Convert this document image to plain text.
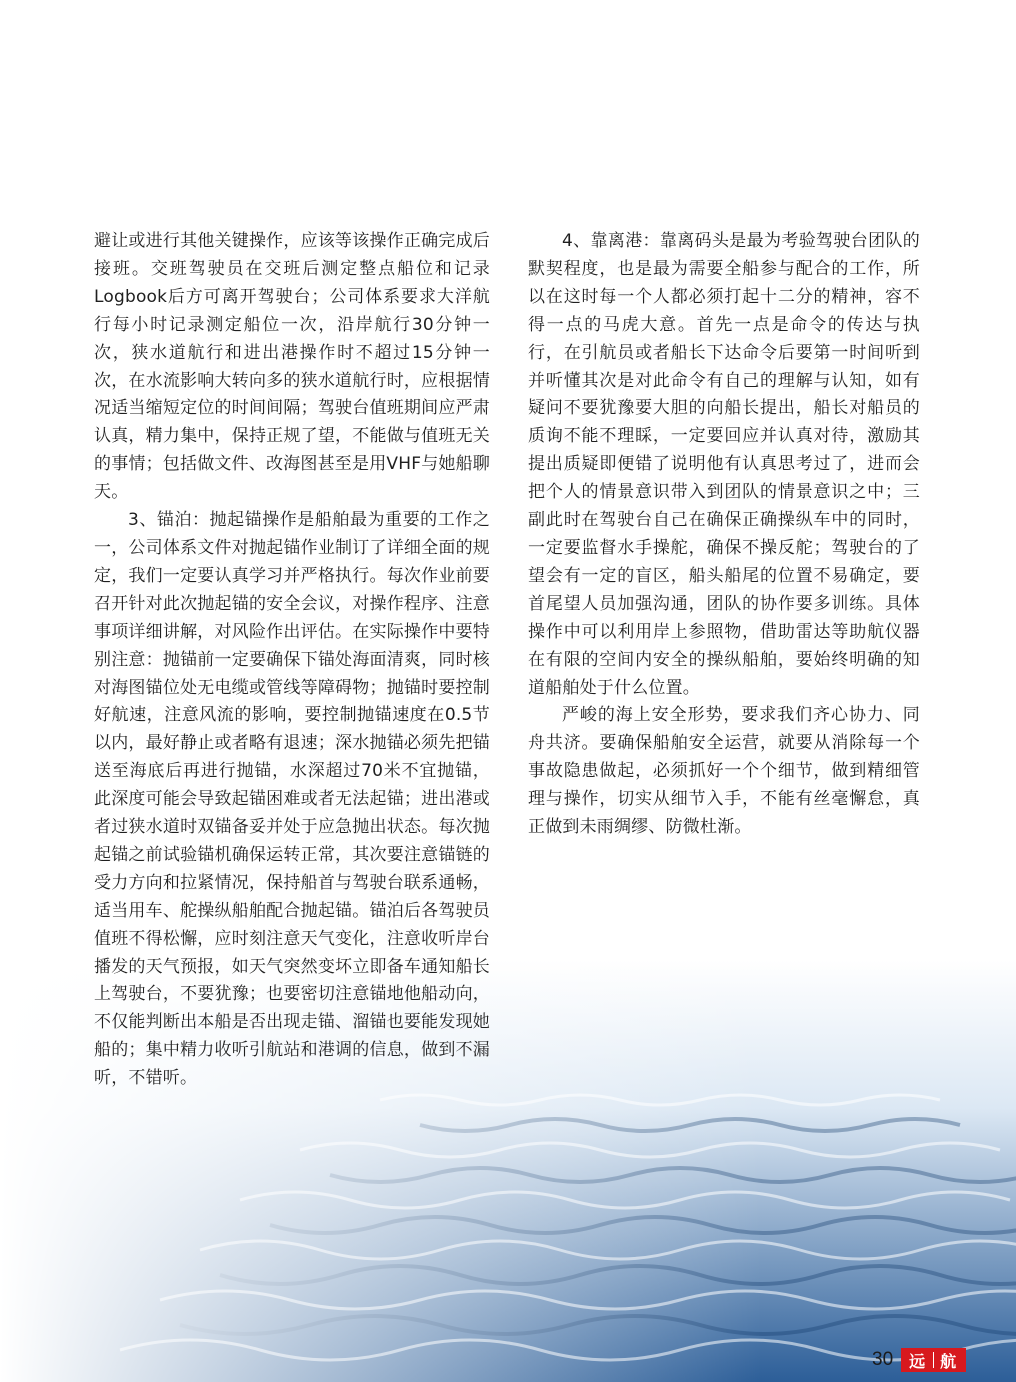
避让或进行其他关键操作，应该等该操作正确完成后接班。交班驾驶员在交班后测定整点船位和记录Logbook后方可离开驾驶台；公司体系要求大洋航行每小时记录测定船位一次，沿岸航行30分钟一次，狭水道航行和进出港操作时不超过15分钟一次，在水流影响大转向多的狭水道航行时，应根据情况适当缩短定位的时间间隔；驾驶台值班期间应严肃认真，精力集中，保持正规了望，不能做与值班无关的事情；包括做文件、改海图甚至是用VHF与她船聊天。

3、锚泊：抛起锚操作是船舶最为重要的工作之一，公司体系文件对抛起锚作业制订了详细全面的规定，我们一定要认真学习并严格执行。每次作业前要召开针对此次抛起锚的安全会议，对操作程序、注意事项详细讲解，对风险作出评估。在实际操作中要特别注意：抛锚前一定要确保下锚处海面清爽，同时核对海图锚位处无电缆或管线等障碍物；抛锚时要控制好航速，注意风流的影响，要控制抛锚速度在0.5节以内，最好静止或者略有退速；深水抛锚必须先把锚送至海底后再进行抛锚，水深超过70米不宜抛锚，此深度可能会导致起锚困难或者无法起锚；进出港或者过狭水道时双锚备妥并处于应急抛出状态。每次抛起锚之前试验锚机确保运转正常，其次要注意锚链的受力方向和拉紧情况，保持船首与驾驶台联系通畅，适当用车、舵操纵船舶配合抛起锚。锚泊后各驾驶员值班不得松懈，应时刻注意天气变化，注意收听岸台播发的天气预报，如天气突然变坏立即备车通知船长上驾驶台，不要犹豫；也要密切注意锚地他船动向，不仅能判断出本船是否出现走锚、溜锚也要能发现她船的；集中精力收听引航站和港调的信息，做到不漏听，不错听。

4、靠离港：靠离码头是最为考验驾驶台团队的默契程度，也是最为需要全船参与配合的工作，所以在这时每一个人都必须打起十二分的精神，容不得一点的马虎大意。首先一点是命令的传达与执行，在引航员或者船长下达命令后要第一时间听到并听懂其次是对此命令有自己的理解与认知，如有疑问不要犹豫要大胆的向船长提出，船长对船员的质询不能不理睬，一定要回应并认真对待，激励其提出质疑即便错了说明他有认真思考过了，进而会把个人的情景意识带入到团队的情景意识之中；三副此时在驾驶台自己在确保正确操纵车中的同时，一定要监督水手操舵，确保不操反舵；驾驶台的了望会有一定的盲区，船头船尾的位置不易确定，要首尾望人员加强沟通，团队的协作要多训练。具体操作中可以利用岸上参照物，借助雷达等助航仪器在有限的空间内安全的操纵船舶，要始终明确的知道船舶处于什么位置。

严峻的海上安全形势，要求我们齐心协力、同舟共济。要确保船舶安全运营，就要从消除每一个事故隐患做起，必须抓好一个个细节，做到精细管理与操作，切实从细节入手，不能有丝毫懈怠，真正做到未雨绸缪、防微杜渐。

30 远 航
